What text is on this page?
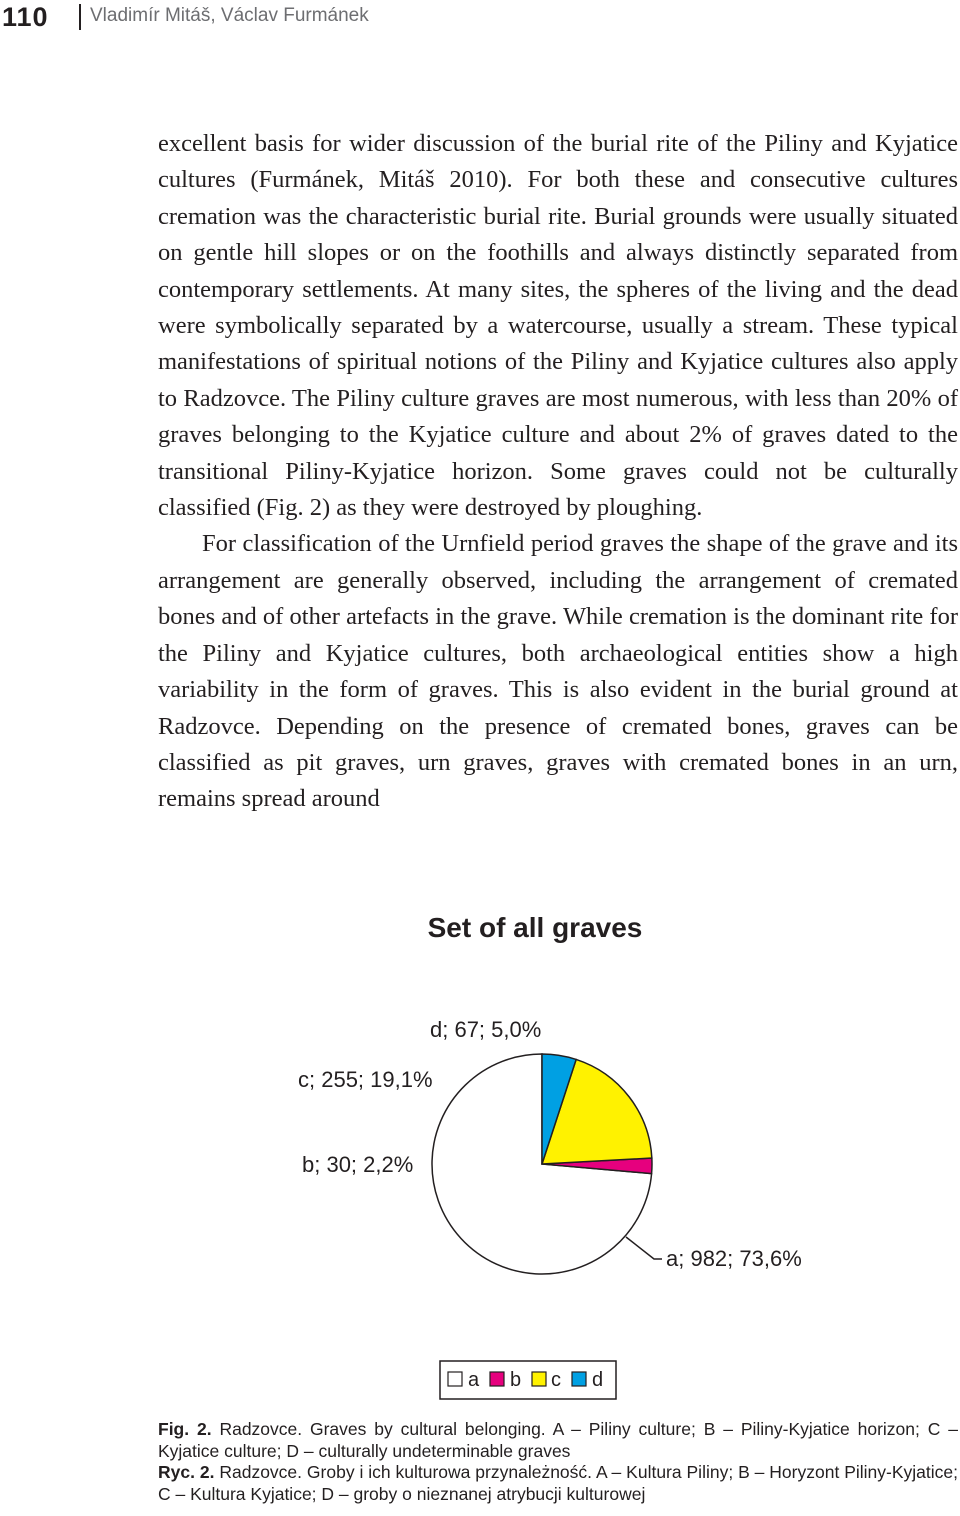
110 Vladimír Mitáš, Václav Furmánek

excellent basis for wider discussion of the burial rite of the Piliny and Kyjatice cultures (Furmánek, Mitáš 2010). For both these and consecutive cultures cremation was the characteristic burial rite. Burial grounds were usually situated on gentle hill slopes or on the foothills and always distinctly separated from contemporary settlements. At many sites, the spheres of the living and the dead were symbolically separated by a watercourse, usually a stream. These typical manifestations of spiritual notions of the Piliny and Kyjatice cultures also apply to Radzovce. The Piliny culture graves are most numerous, with less than 20% of graves belonging to the Kyjatice culture and about 2% of graves dated to the transitional Piliny-Kyjatice horizon. Some graves could not be culturally classified (Fig. 2) as they were destroyed by ploughing.

For classification of the Urnfield period graves the shape of the grave and its arrangement are generally observed, including the arrangement of cremated bones and of other artefacts in the grave. While cremation is the dominant rite for the Piliny and Kyjatice cultures, both archaeological entities show a high variability in the form of graves. This is also evident in the burial ground at Radzovce. Depending on the presence of cremated bones, graves can be classified as pit graves, urn graves, graves with cremated bones in an urn, remains spread around

Set of all graves
d; 67; 5,0%
c; 255; 19,1%
b; 30; 2,2%
a; 982; 73,6%
a b c d

Fig. 2. Radzovce. Graves by cultural belonging. A – Piliny culture; B – Piliny-Kyjatice horizon; C – Kyjatice culture; D – culturally undeterminable graves

Ryc. 2. Radzovce. Groby i ich kulturowa przynależność. A – Kultura Piliny; B – Horyzont Piliny-Kyjatice; C – Kultura Kyjatice; D – groby o nieznanej atrybucji kulturowej
